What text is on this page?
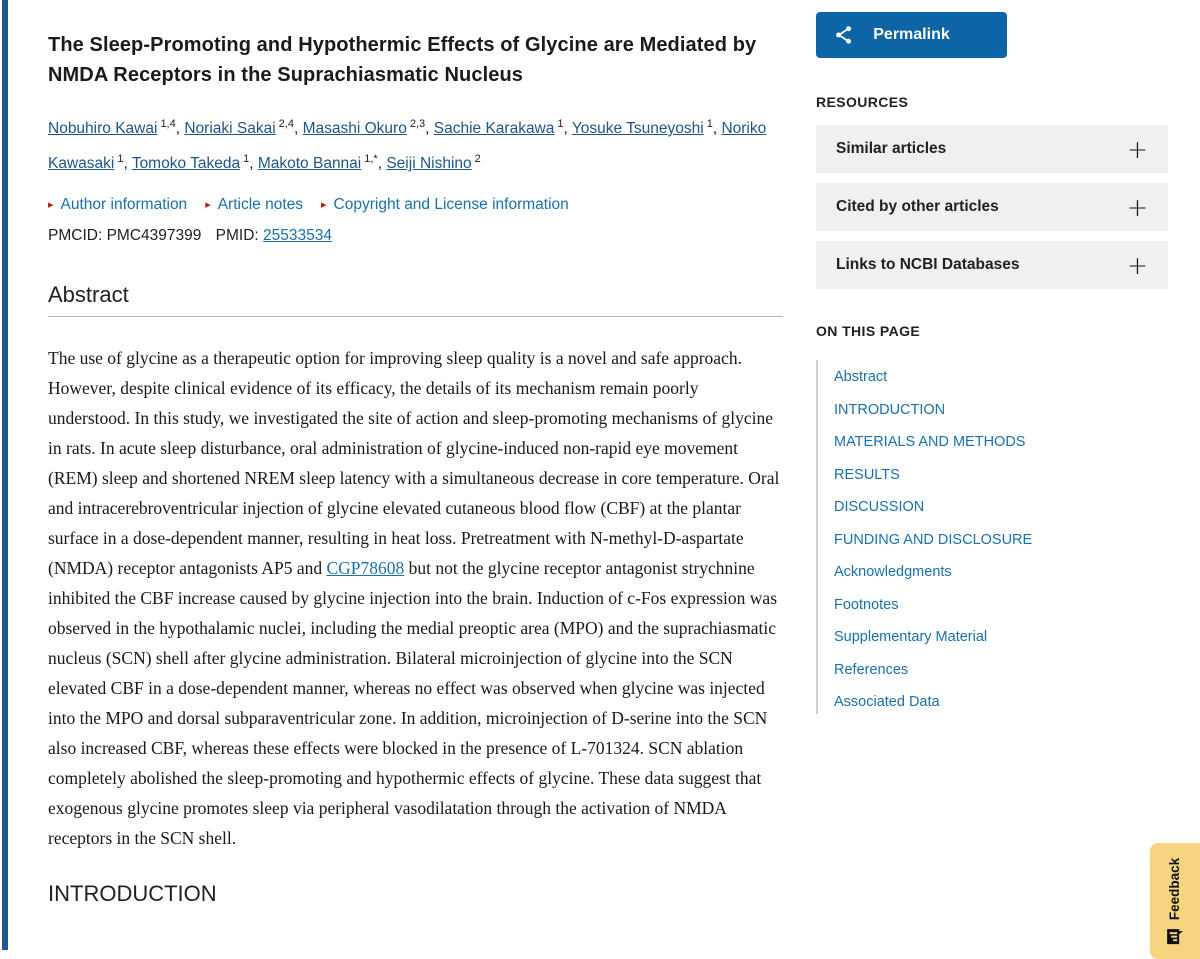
The Sleep-Promoting and Hypothermic Effects of Glycine are Mediated by NMDA Receptors in the Suprachiasmatic Nucleus

Nobuhiro Kawai $^{1,4}$, Noriaki Sakai $^{2,4}$, Masashi Okuro $^{2,3}$, Sachie Karakawa $^1$, Yosuke Tsuneyoshi $^1$, Noriko Kawasaki $^1$, Tomoko Takeda $^1$, Makoto Bannai $^{1,*}$, Seiji Nishino $^2$

▸ Author information ▸ Article notes ▸ Copyright and License information
PMCID: PMC4397399 PMID: 25533534
Abstract

The use of glycine as a therapeutic option for improving sleep quality is a novel and safe approach. However, despite clinical evidence of its efficacy, the details of its mechanism remain poorly understood. In this study, we investigated the site of action and sleep-promoting mechanisms of glycine in rats. In acute sleep disturbance, oral administration of glycine-induced non-rapid eye movement (REM) sleep and shortened NREM sleep latency with a simultaneous decrease in core temperature. Oral and intracerebroventricular injection of glycine elevated cutaneous blood flow (CBF) at the plantar surface in a dose-dependent manner, resulting in heat loss. Pretreatment with N-methyl-D-aspartate (NMDA) receptor antagonists AP5 and CGP78608 but not the glycine receptor antagonist strychnine inhibited the CBF increase caused by glycine injection into the brain. Induction of c-Fos expression was observed in the hypothalamic nuclei, including the medial preoptic area (MPO) and the suprachiasmatic nucleus (SCN) shell after glycine administration. Bilateral microinjection of glycine into the SCN elevated CBF in a dose-dependent manner, whereas no effect was observed when glycine was injected into the MPO and dorsal subparaventricular zone. In addition, microinjection of D-serine into the SCN also increased CBF, whereas these effects were blocked in the presence of L-701324. SCN ablation completely abolished the sleep-promoting and hypothermic effects of glycine. These data suggest that exogenous glycine promotes sleep via peripheral vasodilatation through the activation of NMDA receptors in the SCN shell.

INTRODUCTION
Permalink
RESOURCES
Similar articles	+
Cited by other articles	+
Links to NCBI Databases	+
ON THIS PAGE
Abstract
INTRODUCTION
MATERIALS AND METHODS
RESULTS
DISCUSSION
FUNDING AND DISCLOSURE
Acknowledgments
Footnotes
Supplementary Material
References
Associated Data
Feedback
